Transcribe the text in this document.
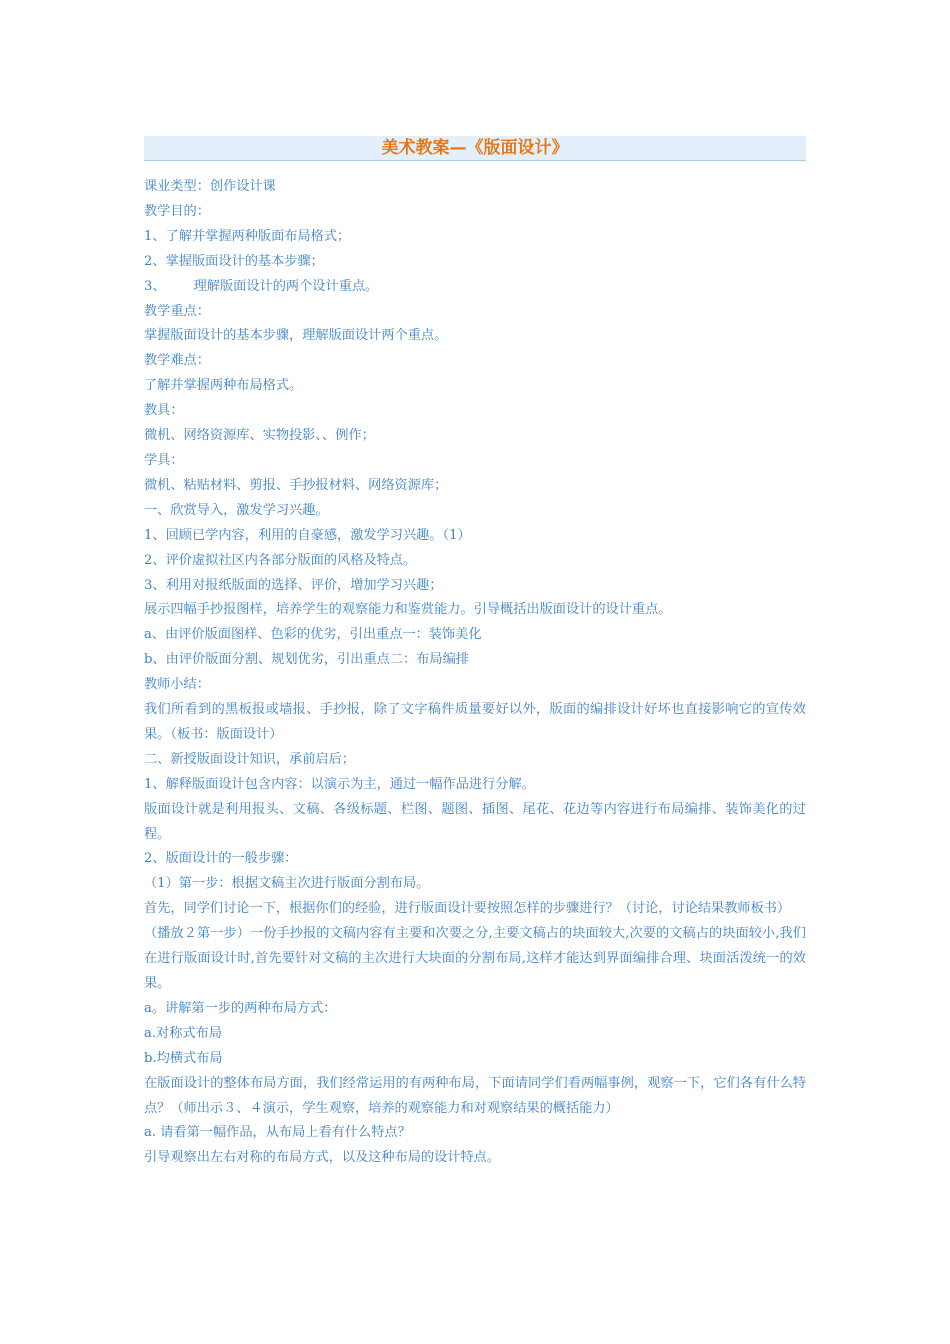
美术教案—《版面设计》
课业类型：创作设计课
教学目的：
1、了解并掌握两种版面布局格式；
2、掌握版面设计的基本步骤；
3、 理解版面设计的两个设计重点。
教学重点：
掌握版面设计的基本步骤，理解版面设计两个重点。
教学难点：
了解并掌握两种布局格式。
教具：
微机、网络资源库、实物投影、、例作；
学具：
微机、粘贴材料、剪报、手抄报材料、网络资源库；
一、欣赏导入，激发学习兴趣。
1、回顾已学内容，利用的自豪感，激发学习兴趣。（1）
2、评价虚拟社区内各部分版面的风格及特点。
3、利用对报纸版面的选择、评价，增加学习兴趣；
展示四幅手抄报图样，培养学生的观察能力和鉴赏能力。引导概括出版面设计的设计重点。
a、由评价版面图样、色彩的优劣，引出重点一：装饰美化
b、由评价版面分割、规划优劣，引出重点二：布局编排
教师小结：
我们所看到的黑板报或墙报、手抄报，除了文字稿件质量要好以外，版面的编排设计好坏也直接影响它的宣传效果。（板书：版面设计）
二、新授版面设计知识，承前启后；
1、解释版面设计包含内容：以演示为主，通过一幅作品进行分解。
版面设计就是利用报头、文稿、各级标题、栏图、题图、插图、尾花、花边等内容进行布局编排、装饰美化的过程。
2、版面设计的一般步骤：
（1）第一步：根据文稿主次进行版面分割布局。
首先，同学们讨论一下，根据你们的经验，进行版面设计要按照怎样的步骤进行？（讨论，讨论结果教师板书）
（播放２第一步）一份手抄报的文稿内容有主要和次要之分,主要文稿占的块面较大,次要的文稿占的块面较小,我们在进行版面设计时,首先要针对文稿的主次进行大块面的分割布局,这样才能达到界面编排合理、块面活泼统一的效果。
a。讲解第一步的两种布局方式：
a.对称式布局
b.均横式布局
在版面设计的整体布局方面，我们经常运用的有两种布局，下面请同学们看两幅事例，观察一下，它们各有什么特点？（师出示３、４演示，学生观察，培养的观察能力和对观察结果的概括能力）
a. 请看第一幅作品，从布局上看有什么特点？
引导观察出左右对称的布局方式，以及这种布局的设计特点。
